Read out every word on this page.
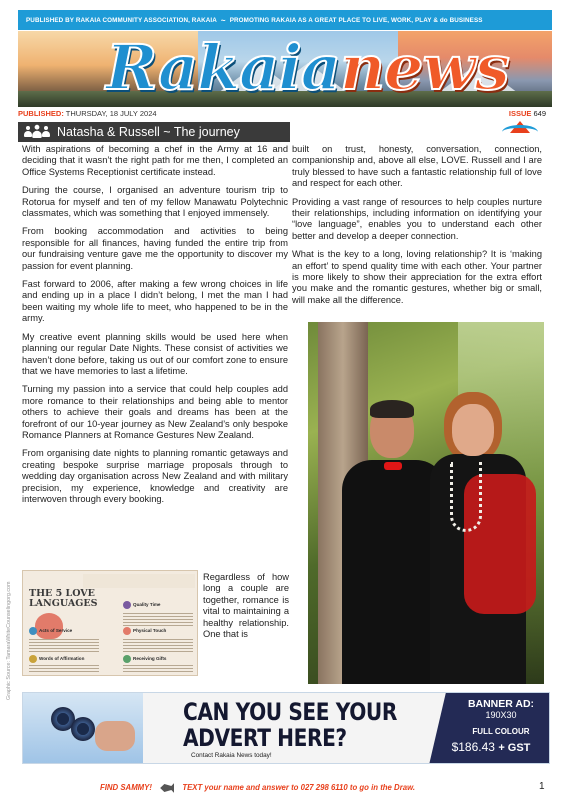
PUBLISHED BY RAKAIA COMMUNITY ASSOCIATION, RAKAIA ~ PROMOTING RAKAIA AS A GREAT PLACE TO LIVE, WORK, PLAY & do BUSINESS
Rakaianews
PUBLISHED: THURSDAY, 18 JULY 2024	ISSUE 649
Natasha & Russell ~ The journey

With aspirations of becoming a chef in the Army at 16 and deciding that it wasn’t the right path for me then, I completed an Office Systems Receptionist certificate instead.

During the course, I organised an adventure tourism trip to Rotorua for myself and ten of my fellow Manawatu Polytechnic classmates, which was something that I enjoyed immensely.

From booking accommodation and activities to being responsible for all finances, having funded the entire trip from our fundraising venture gave me the opportunity to discover my passion for event planning.

Fast forward to 2006, after making a few wrong choices in life and ending up in a place I didn’t belong, I met the man I had been waiting my whole life to meet, who happened to be in the army.

My creative event planning skills would be used here when planning our regular Date Nights. These consist of activities we haven’t done before, taking us out of our comfort zone to ensure that we have memories to last a lifetime.

Turning my passion into a service that could help couples add more romance to their relationships and being able to mentor others to achieve their goals and dreams has been at the forefront of our 10-year journey as New Zealand’s only bespoke Romance Planners at Romance Gestures New Zealand.

From organising date nights to planning romantic getaways and creating bespoke surprise marriage proposals through to wedding day organisation across New Zealand and with military precision, my experience, knowledge and creativity are interwoven through every booking.

built on trust, honesty, conversation, connection, companionship and, above all else, LOVE. Russell and I are truly blessed to have such a fantastic relationship full of love and respect for each other.

Providing a vast range of resources to help couples nurture their relationships, including information on identifying your “love language”, enables you to understand each other better and develop a deeper connection.

What is the key to a long, loving relationship? It is ‘making an effort’ to spend quality time with each other. Your partner is more likely to show their appreciation for the extra effort you make and the romantic gestures, whether big or small, will make all the difference.

THE 5 LOVE
LANGUAGES	Quality Time
Acts of Service	Physical Touch
Words of Affirmation	Receiving Gifts
Regardless of how long a couple are together, romance is vital to maintaining a healthy relationship. One that is
Graphic Source: TamaraWhiteCounselingorg.com
CAN YOU SEE YOUR
ADVERT HERE?
Contact Rakaia News today!
BANNER AD:
190X30
FULL COLOUR
$186.43 + GST
FIND SAMMY!	TEXT your name and answer to 027 298 6110 to go in the Draw.	1
